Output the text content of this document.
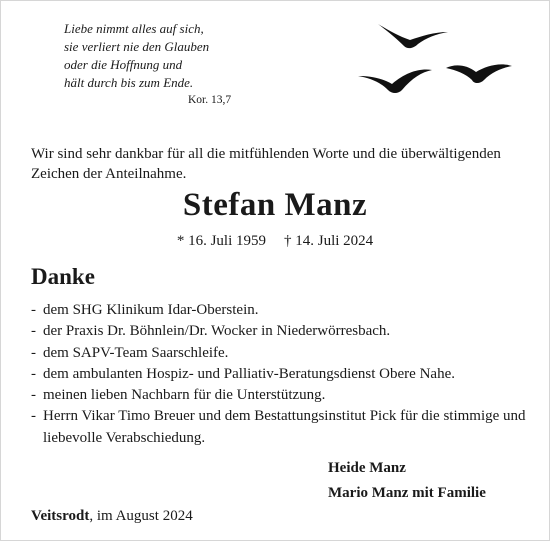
Liebe nimmt alles auf sich,
sie verliert nie den Glauben
oder die Hoffnung und
hält durch bis zum Ende.
Kor. 13,7
Wir sind sehr dankbar für all die mitfühlenden Worte und die überwältigenden Zeichen der Anteilnahme.
Stefan Manz
* 16. Juli 1959 † 14. Juli 2024
Danke
- dem SHG Klinikum Idar-Oberstein.
- der Praxis Dr. Böhnlein/Dr. Wocker in Niederwörresbach.
- dem SAPV-Team Saarschleife.
- dem ambulanten Hospiz- und Palliativ-Beratungsdienst Obere Nahe.
- meinen lieben Nachbarn für die Unterstützung.
- Herrn Vikar Timo Breuer und dem Bestattungsinstitut Pick für die stimmige und liebevolle Verabschiedung.
Heide Manz
Mario Manz mit Familie
Veitsrodt, im August 2024
